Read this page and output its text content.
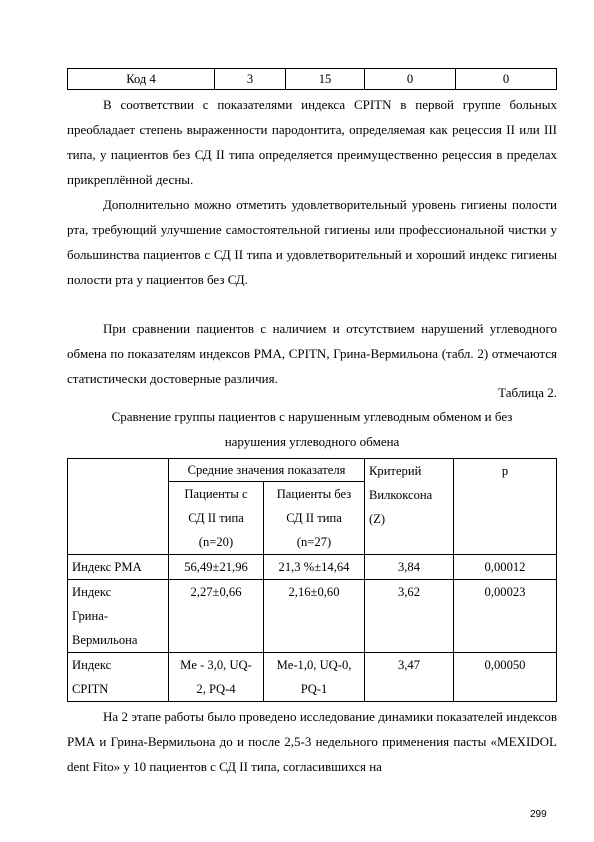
Код 4	3	15	0	0

В соответствии с показателями индекса CPITN в первой группе больных преобладает степень выраженности пародонтита, определяемая как рецессия II или III типа, у пациентов без СД II типа определяется преимущественно рецессия в пределах прикреплённой десны.

Дополнительно можно отметить удовлетворительный уровень гигиены полости рта, требующий улучшение самостоятельной гигиены или профессиональной чистки у большинства пациентов с СД II типа и удовлетворительный и хороший индекс гигиены полости рта у пациентов без СД.

При сравнении пациентов с наличием и отсутствием нарушений углеводного обмена по показателям индексов РМА, CPITN, Грина-Вермильона (табл. 2) отмечаются статистически достоверные различия.

Таблица 2.

Сравнение группы пациентов с нарушенным углеводным обменом и без нарушения углеводного обмена

	Средние значения показателя		Критерий
Вилкоксона
(Z)	p

	Пациенты с
СД II типа
(n=20)	Пациенты без
СД II типа
(n=27)		

Индекс РМА	56,49±21,96	21,3 %±14,64	3,84	0,00012

Индекс
Грина-
Вермильона	2,27±0,66	2,16±0,60	3,62	0,00023

Индекс
CPITN	Me - 3,0, UQ-
2, PQ-4	Me-1,0, UQ-0,
PQ-1	3,47	0,00050

На 2 этапе работы было проведено исследование динамики показателей индексов РМА и Грина-Вермильона до и после 2,5-3 недельного применения пасты «MEXIDOL dent Fito» у 10 пациентов с СД II типа, согласившихся на

299
